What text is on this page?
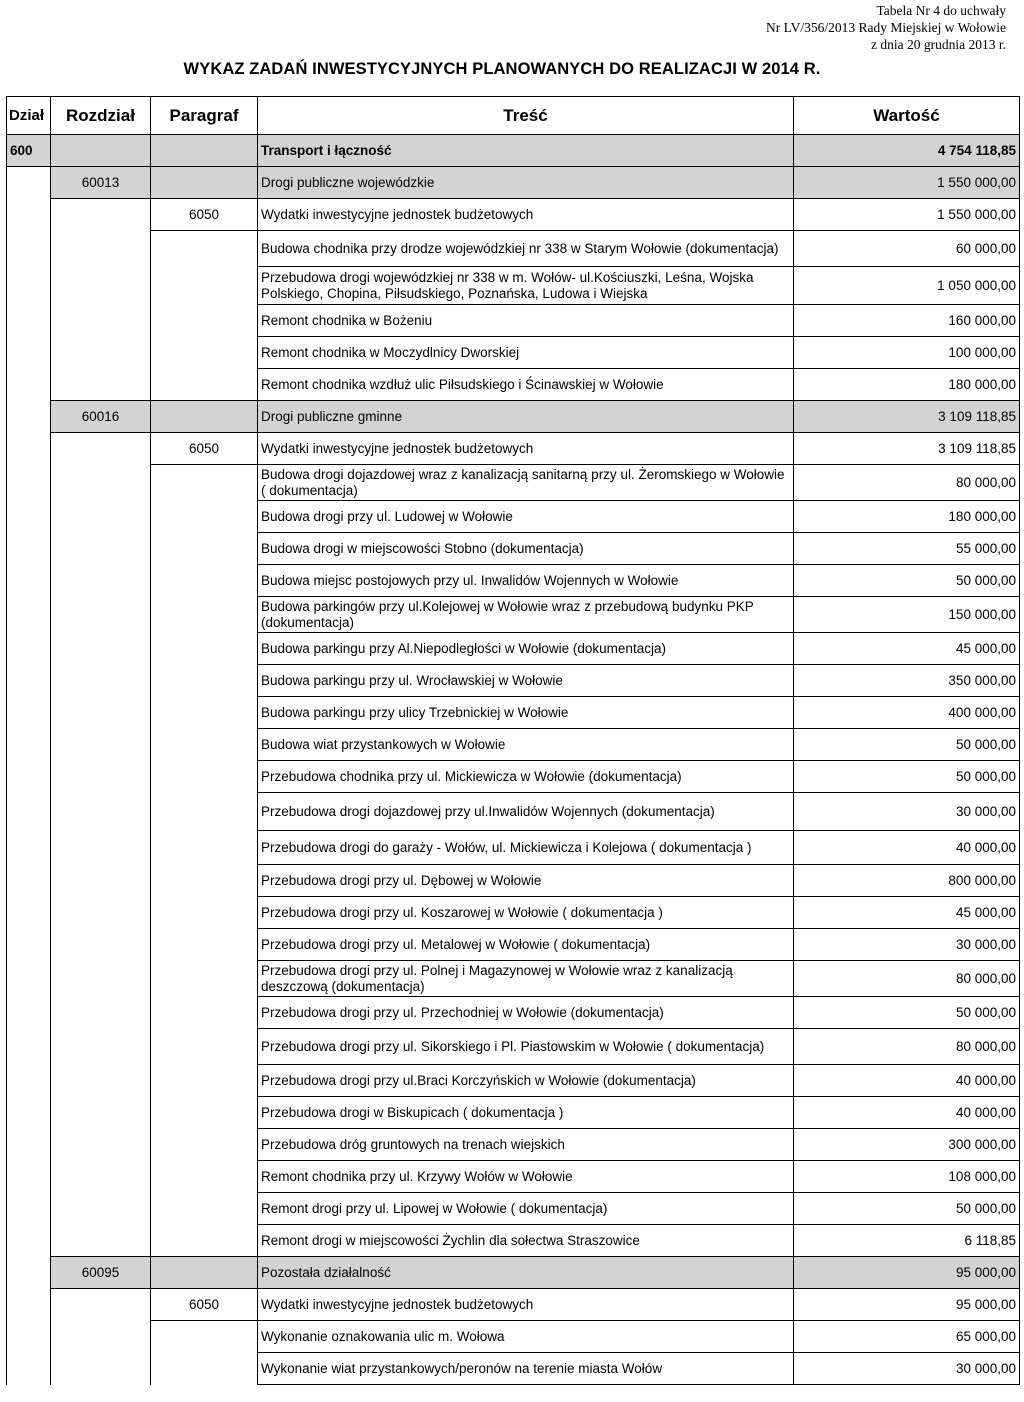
Tabela Nr 4 do uchwały
Nr LV/356/2013 Rady Miejskiej w Wołowie
z dnia 20 grudnia 2013 r.
WYKAZ ZADAŃ INWESTYCYJNYCH PLANOWANYCH DO REALIZACJI W 2014 R.
Dział	Rozdział	Paragraf	Treść	Wartość
600			Transport i łączność	4 754 118,85
	60013		Drogi publiczne wojewódzkie	1 550 000,00
		6050	Wydatki inwestycyjne jednostek budżetowych	1 550 000,00
			Budowa chodnika przy drodze wojewódzkiej nr 338 w Starym Wołowie (dokumentacja)	60 000,00
			Przebudowa drogi wojewódzkiej nr 338 w m. Wołów- ul.Kościuszki, Leśna, Wojska Polskiego, Chopina, Piłsudskiego, Poznańska, Ludowa i Wiejska	1 050 000,00
			Remont chodnika w Bożeniu	160 000,00
			Remont chodnika w Moczydlnicy Dworskiej	100 000,00
			Remont chodnika wzdłuż ulic Piłsudskiego i Ścinawskiej w Wołowie	180 000,00
	60016		Drogi publiczne gminne	3 109 118,85
		6050	Wydatki inwestycyjne jednostek budżetowych	3 109 118,85
			Budowa drogi dojazdowej wraz z kanalizacją sanitarną przy ul. Żeromskiego w Wołowie ( dokumentacja)	80 000,00
			Budowa drogi przy ul. Ludowej w Wołowie	180 000,00
			Budowa drogi w miejscowości Stobno (dokumentacja)	55 000,00
			Budowa miejsc postojowych przy ul. Inwalidów Wojennych w Wołowie	50 000,00
			Budowa parkingów przy ul.Kolejowej w Wołowie wraz z przebudową budynku PKP (dokumentacja)	150 000,00
			Budowa parkingu przy Al.Niepodległości w Wołowie (dokumentacja)	45 000,00
			Budowa parkingu przy ul. Wrocławskiej w Wołowie	350 000,00
			Budowa parkingu przy ulicy Trzebnickiej w Wołowie	400 000,00
			Budowa wiat przystankowych w Wołowie	50 000,00
			Przebudowa chodnika przy ul. Mickiewicza w Wołowie (dokumentacja)	50 000,00
			Przebudowa drogi dojazdowej przy ul.Inwalidów Wojennych (dokumentacja)	30 000,00
			Przebudowa drogi do garaży - Wołów, ul. Mickiewicza i Kolejowa ( dokumentacja )	40 000,00
			Przebudowa drogi przy ul. Dębowej w Wołowie	800 000,00
			Przebudowa drogi przy ul. Koszarowej w Wołowie ( dokumentacja )	45 000,00
			Przebudowa drogi przy ul. Metalowej w Wołowie ( dokumentacja)	30 000,00
			Przebudowa drogi przy ul. Polnej i Magazynowej w Wołowie wraz z kanalizacją deszczową (dokumentacja)	80 000,00
			Przebudowa drogi przy ul. Przechodniej w Wołowie (dokumentacja)	50 000,00
			Przebudowa drogi przy ul. Sikorskiego i Pl. Piastowskim w Wołowie ( dokumentacja)	80 000,00
			Przebudowa drogi przy ul.Braci Korczyńskich w Wołowie (dokumentacja)	40 000,00
			Przebudowa drogi w Biskupicach ( dokumentacja )	40 000,00
			Przebudowa dróg gruntowych na trenach wiejskich	300 000,00
			Remont chodnika przy ul. Krzywy Wołów w Wołowie	108 000,00
			Remont drogi przy ul. Lipowej w Wołowie ( dokumentacja)	50 000,00
			Remont drogi w miejscowości Żychlin dla sołectwa Straszowice	6 118,85
	60095		Pozostała działalność	95 000,00
		6050	Wydatki inwestycyjne jednostek budżetowych	95 000,00
			Wykonanie oznakowania ulic m. Wołowa	65 000,00
			Wykonanie wiat przystankowych/peronów na terenie miasta Wołów	30 000,00
